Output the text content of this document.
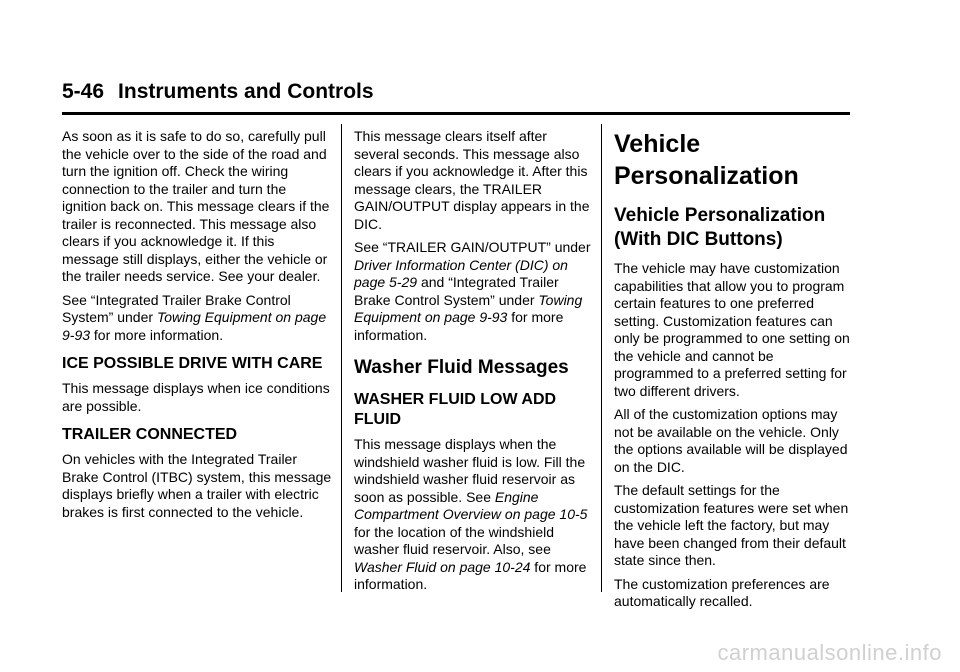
5-46 Instruments and Controls

As soon as it is safe to do so, carefully pull the vehicle over to the side of the road and turn the ignition off. Check the wiring connection to the trailer and turn the ignition back on. This message clears if the trailer is reconnected. This message also clears if you acknowledge it. If this message still displays, either the vehicle or the trailer needs service. See your dealer.

See “Integrated Trailer Brake Control System” under Towing Equipment on page 9-93 for more information.

ICE POSSIBLE DRIVE WITH CARE

This message displays when ice conditions are possible.

TRAILER CONNECTED

On vehicles with the Integrated Trailer Brake Control (ITBC) system, this message displays briefly when a trailer with electric brakes is first connected to the vehicle.

This message clears itself after several seconds. This message also clears if you acknowledge it. After this message clears, the TRAILER GAIN/OUTPUT display appears in the DIC.

See “TRAILER GAIN/OUTPUT” under Driver Information Center (DIC) on page 5-29 and “Integrated Trailer Brake Control System” under Towing Equipment on page 9-93 for more information.

Washer Fluid Messages
WASHER FLUID LOW ADD FLUID

This message displays when the windshield washer fluid is low. Fill the windshield washer fluid reservoir as soon as possible. See Engine Compartment Overview on page 10-5 for the location of the windshield washer fluid reservoir. Also, see Washer Fluid on page 10-24 for more information.

Vehicle Personalization
Vehicle Personalization (With DIC Buttons)

The vehicle may have customization capabilities that allow you to program certain features to one preferred setting. Customization features can only be programmed to one setting on the vehicle and cannot be programmed to a preferred setting for two different drivers.

All of the customization options may not be available on the vehicle. Only the options available will be displayed on the DIC.

The default settings for the customization features were set when the vehicle left the factory, but may have been changed from their default state since then.

The customization preferences are automatically recalled.

carmanualsonline.info
